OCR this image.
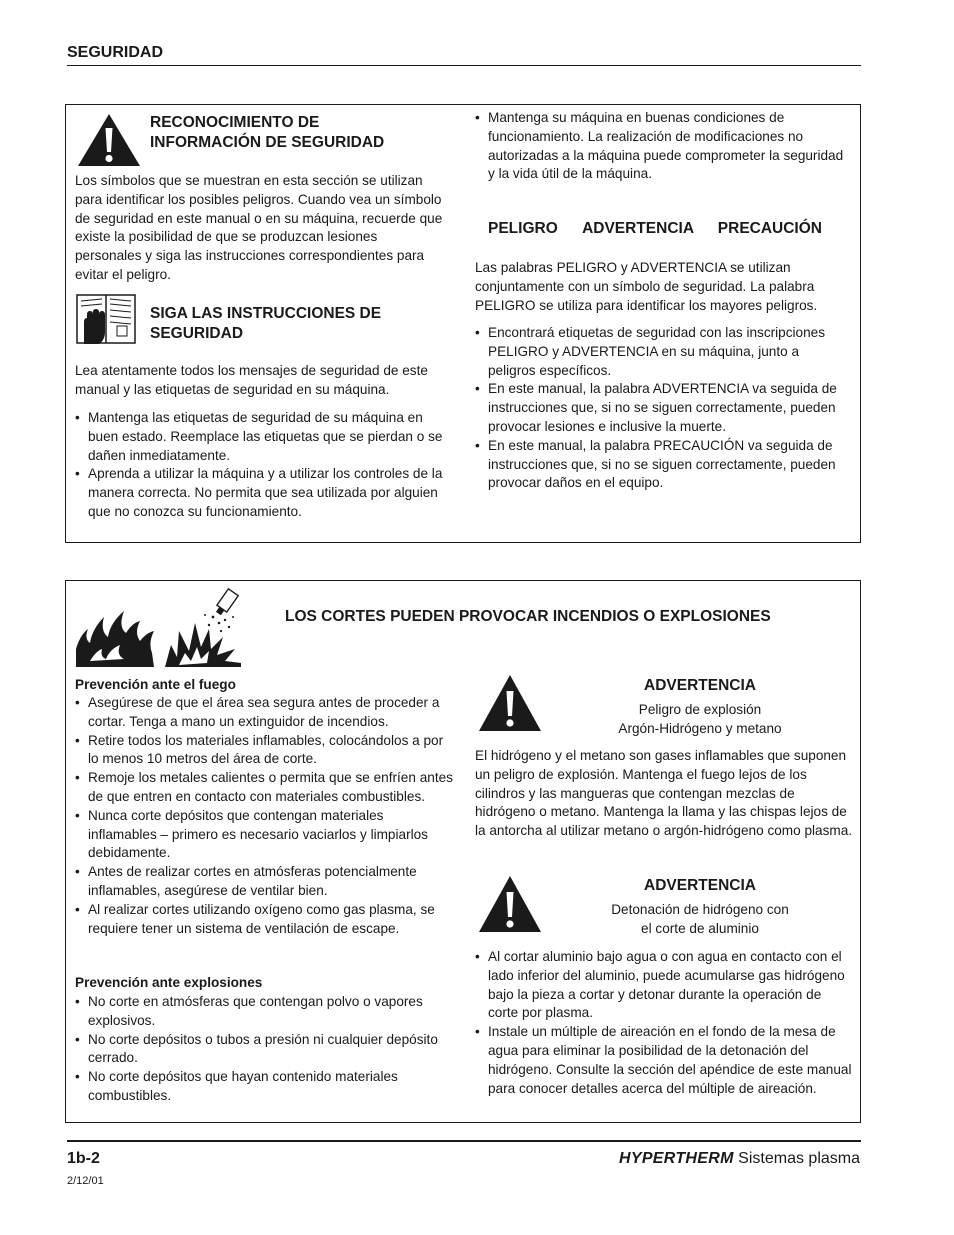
SEGURIDAD
RECONOCIMIENTO DE
INFORMACIÓN DE SEGURIDAD

Los símbolos que se muestran en esta sección se utilizan para identificar los posibles peligros. Cuando vea un símbolo de seguridad en este manual o en su máquina, recuerde que existe la posibilidad de que se produzcan lesiones personales y siga las instrucciones correspondientes para evitar el peligro.

SIGA LAS INSTRUCCIONES DE
SEGURIDAD

Lea atentamente todos los mensajes de seguridad de este manual y las etiquetas de seguridad en su máquina.

• Mantenga las etiquetas de seguridad de su máquina en buen estado. Reemplace las etiquetas que se pierdan o se dañen inmediatamente.
• Aprenda a utilizar la máquina y a utilizar los controles de la manera correcta. No permita que sea utilizada por alguien que no conozca su funcionamiento.
• Mantenga su máquina en buenas condiciones de funcionamiento. La realización de modificaciones no autorizadas a la máquina puede comprometer la seguridad y la vida útil de la máquina.
PELIGRO ADVERTENCIA PRECAUCIÓN

Las palabras PELIGRO y ADVERTENCIA se utilizan conjuntamente con un símbolo de seguridad. La palabra PELIGRO se utiliza para identificar los mayores peligros.

• Encontrará etiquetas de seguridad con las inscripciones PELIGRO y ADVERTENCIA en su máquina, junto a peligros específicos.
• En este manual, la palabra ADVERTENCIA va seguida de instrucciones que, si no se siguen correctamente, pueden provocar lesiones e inclusive la muerte.
• En este manual, la palabra PRECAUCIÓN va seguida de instrucciones que, si no se siguen correctamente, pueden provocar daños en el equipo.
LOS CORTES PUEDEN PROVOCAR INCENDIOS O EXPLOSIONES
Prevención ante el fuego
• Asegúrese de que el área sea segura antes de proceder a cortar. Tenga a mano un extinguidor de incendios.
• Retire todos los materiales inflamables, colocándolos a por lo menos 10 metros del área de corte.
• Remoje los metales calientes o permita que se enfríen antes de que entren en contacto con materiales combustibles.
• Nunca corte depósitos que contengan materiales inflamables – primero es necesario vaciarlos y limpiarlos debidamente.
• Antes de realizar cortes en atmósferas potencialmente inflamables, asegúrese de ventilar bien.
• Al realizar cortes utilizando oxígeno como gas plasma, se requiere tener un sistema de ventilación de escape.
Prevención ante explosiones
• No corte en atmósferas que contengan polvo o vapores explosivos.
• No corte depósitos o tubos a presión ni cualquier depósito cerrado.
• No corte depósitos que hayan contenido materiales combustibles.
ADVERTENCIA
Peligro de explosión
Argón-Hidrógeno y metano

El hidrógeno y el metano son gases inflamables que suponen un peligro de explosión. Mantenga el fuego lejos de los cilindros y las mangueras que contengan mezclas de hidrógeno o metano. Mantenga la llama y las chispas lejos de la antorcha al utilizar metano o argón-hidrógeno como plasma.

ADVERTENCIA
Detonación de hidrógeno con
el corte de aluminio
• Al cortar aluminio bajo agua o con agua en contacto con el lado inferior del aluminio, puede acumularse gas hidrógeno bajo la pieza a cortar y detonar durante la operación de corte por plasma.
• Instale un múltiple de aireación en el fondo de la mesa de agua para eliminar la posibilidad de la detonación del hidrógeno. Consulte la sección del apéndice de este manual para conocer detalles acerca del múltiple de aireación.
1b-2
2/12/01
HYPERTHERM Sistemas plasma
